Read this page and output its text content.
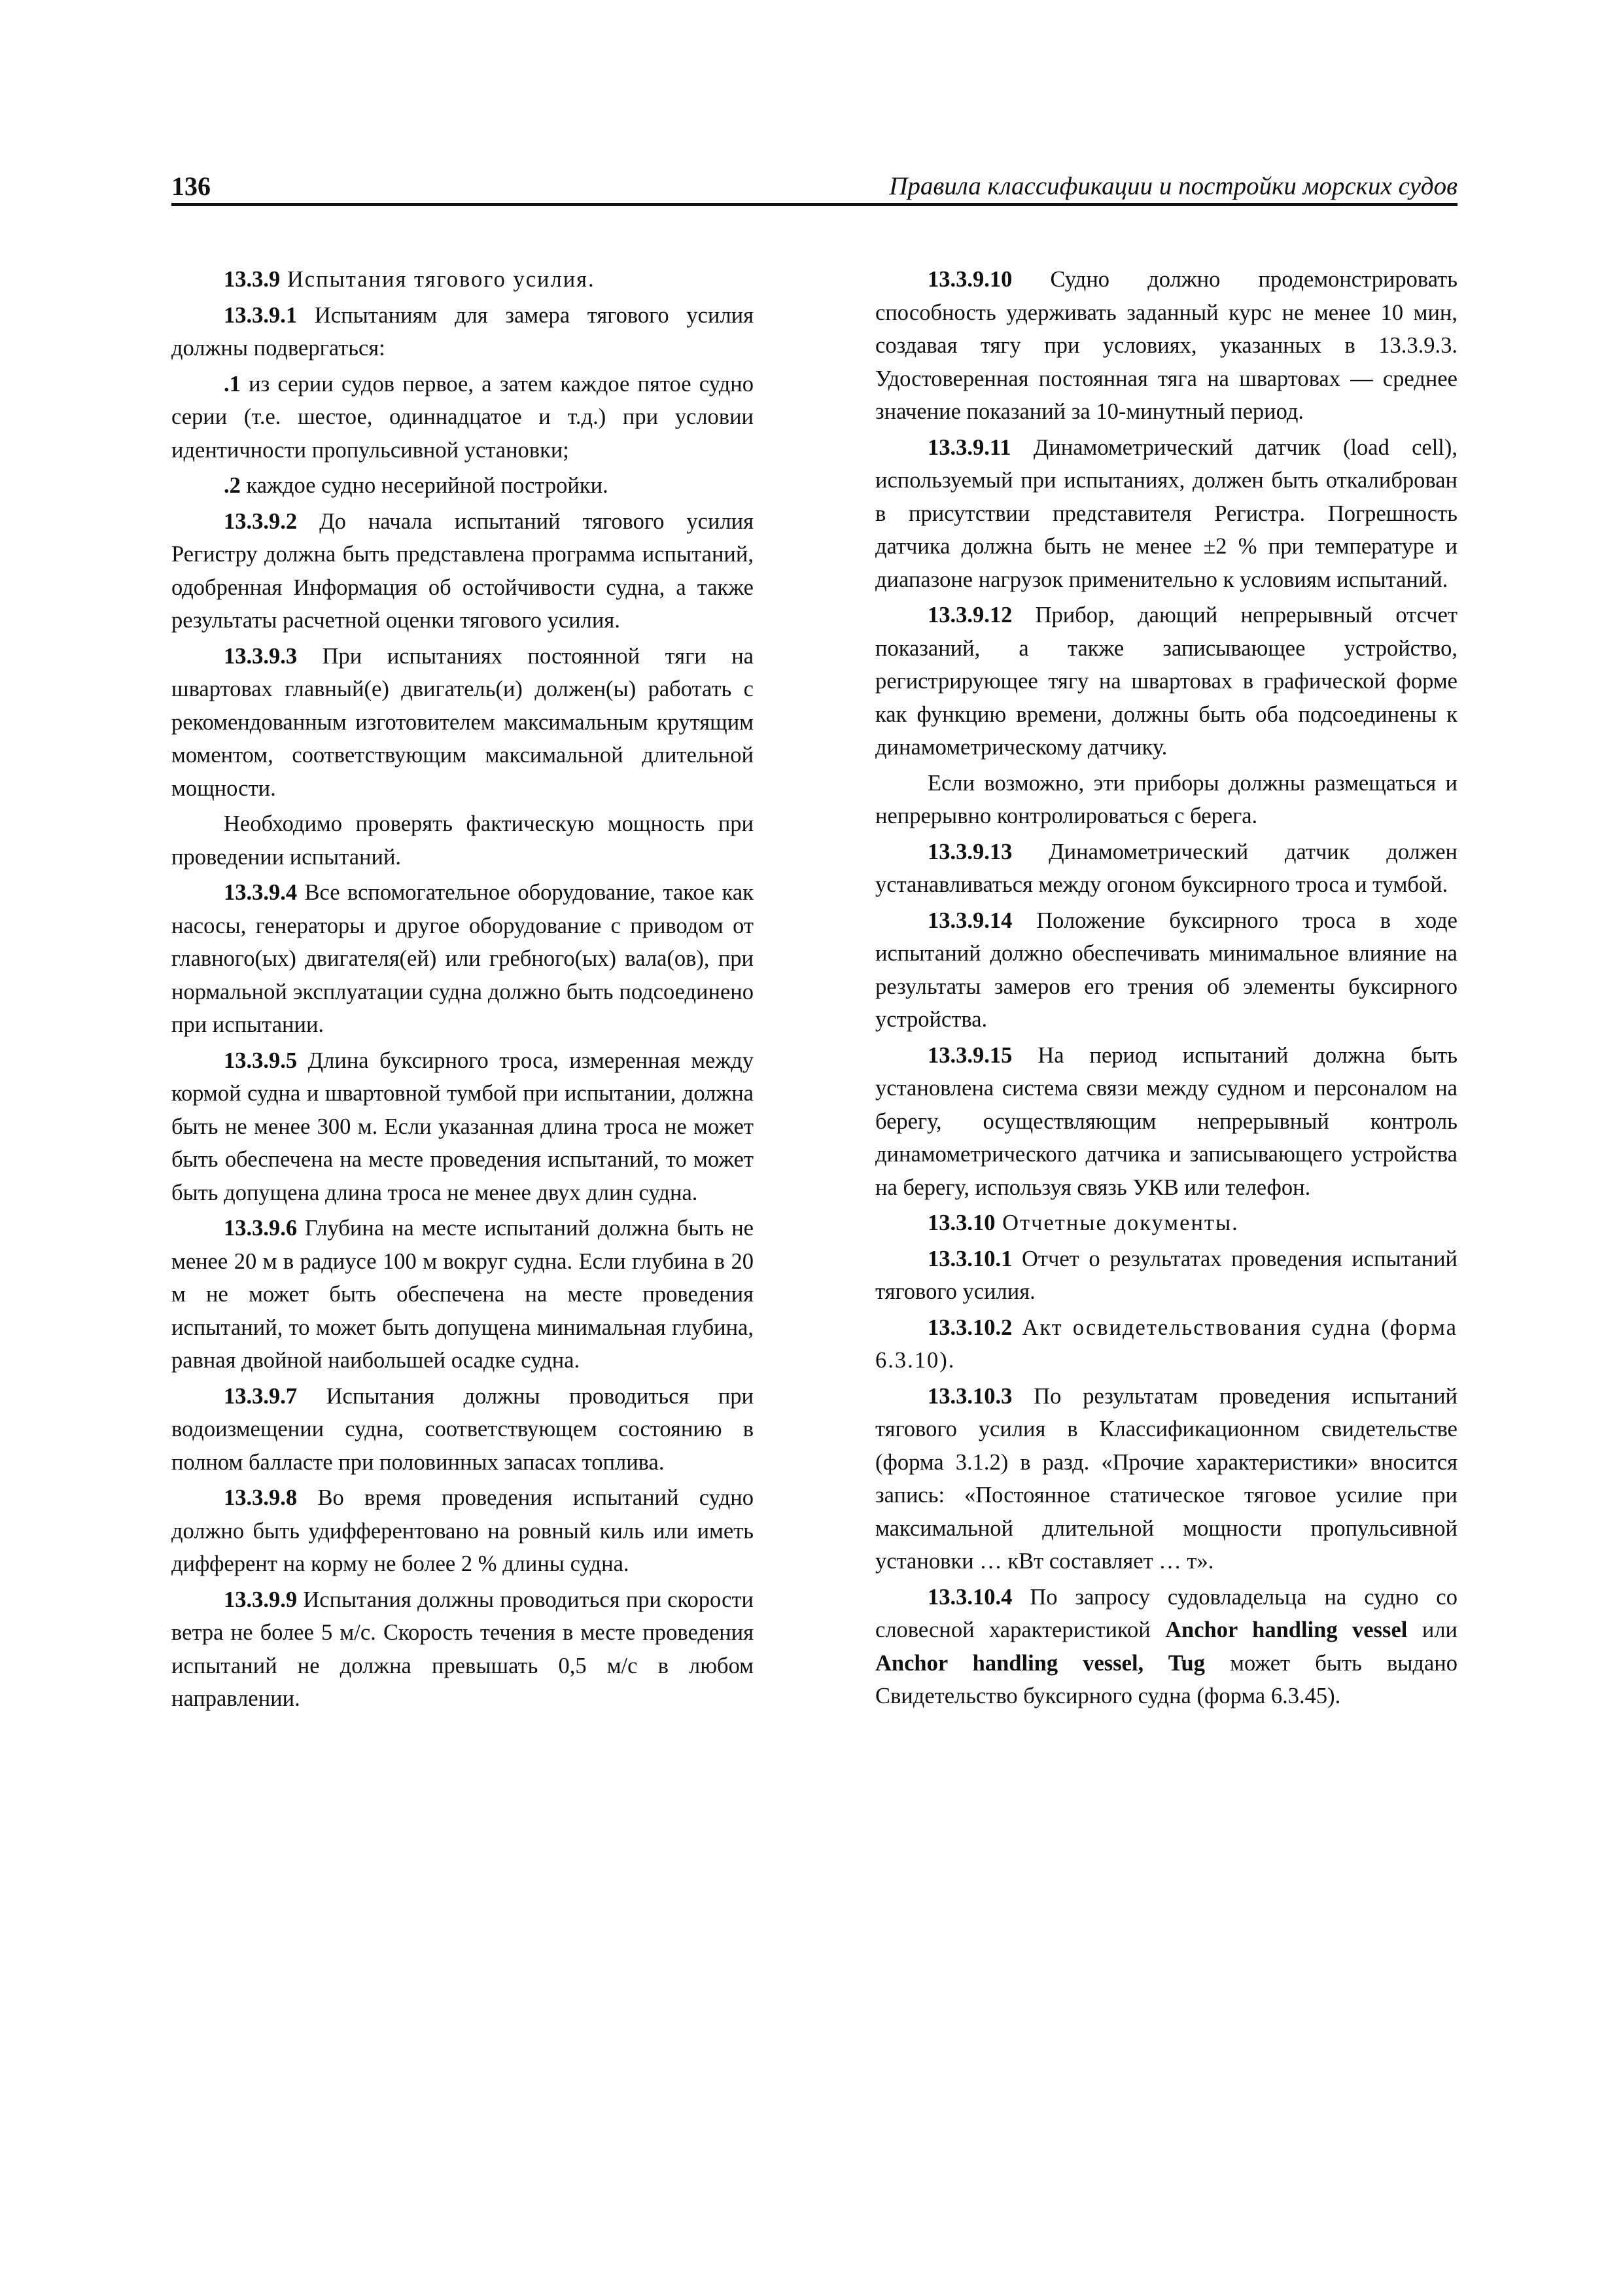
136	Правила классификации и постройки морских судов

13.3.9 Испытания тягового усилия.

13.3.9.1 Испытаниям для замера тягового усилия должны подвергаться:

.1 из серии судов первое, а затем каждое пятое судно серии (т.е. шестое, одиннадцатое и т.д.) при условии идентичности пропульсивной установки;

.2 каждое судно несерийной постройки.

13.3.9.2 До начала испытаний тягового усилия Регистру должна быть представлена программа испытаний, одобренная Информация об остойчивости судна, а также результаты расчетной оценки тягового усилия.

13.3.9.3 При испытаниях постоянной тяги на швартовах главный(е) двигатель(и) должен(ы) работать с рекомендованным изготовителем максимальным крутящим моментом, соответствующим максимальной длительной мощности.

Необходимо проверять фактическую мощность при проведении испытаний.

13.3.9.4 Все вспомогательное оборудование, такое как насосы, генераторы и другое оборудование с приводом от главного(ых) двигателя(ей) или гребного(ых) вала(ов), при нормальной эксплуатации судна должно быть подсоединено при испытании.

13.3.9.5 Длина буксирного троса, измеренная между кормой судна и швартовной тумбой при испытании, должна быть не менее 300 м. Если указанная длина троса не может быть обеспечена на месте проведения испытаний, то может быть допущена длина троса не менее двух длин судна.

13.3.9.6 Глубина на месте испытаний должна быть не менее 20 м в радиусе 100 м вокруг судна. Если глубина в 20 м не может быть обеспечена на месте проведения испытаний, то может быть допущена минимальная глубина, равная двойной наибольшей осадке судна.

13.3.9.7 Испытания должны проводиться при водоизмещении судна, соответствующем состоянию в полном балласте при половинных запасах топлива.

13.3.9.8 Во время проведения испытаний судно должно быть удифферентовано на ровный киль или иметь дифферент на корму не более 2 % длины судна.

13.3.9.9 Испытания должны проводиться при скорости ветра не более 5 м/с. Скорость течения в месте проведения испытаний не должна превышать 0,5 м/с в любом направлении.

13.3.9.10 Судно должно продемонстрировать способность удерживать заданный курс не менее 10 мин, создавая тягу при условиях, указанных в 13.3.9.3. Удостоверенная постоянная тяга на швартовах — среднее значение показаний за 10-минутный период.

13.3.9.11 Динамометрический датчик (load cell), используемый при испытаниях, должен быть откалиброван в присутствии представителя Регистра. Погрешность датчика должна быть не менее ±2 % при температуре и диапазоне нагрузок применительно к условиям испытаний.

13.3.9.12 Прибор, дающий непрерывный отсчет показаний, а также записывающее устройство, регистрирующее тягу на швартовах в графической форме как функцию времени, должны быть оба подсоединены к динамометрическому датчику.

Если возможно, эти приборы должны размещаться и непрерывно контролироваться с берега.

13.3.9.13 Динамометрический датчик должен устанавливаться между огоном буксирного троса и тумбой.

13.3.9.14 Положение буксирного троса в ходе испытаний должно обеспечивать минимальное влияние на результаты замеров его трения об элементы буксирного устройства.

13.3.9.15 На период испытаний должна быть установлена система связи между судном и персоналом на берегу, осуществляющим непрерывный контроль динамометрического датчика и записывающего устройства на берегу, используя связь УКВ или телефон.

13.3.10 Отчетные документы.

13.3.10.1 Отчет о результатах проведения испытаний тягового усилия.

13.3.10.2 Акт освидетельствования судна (форма 6.3.10).

13.3.10.3 По результатам проведения испытаний тягового усилия в Классификационном свидетельстве (форма 3.1.2) в разд. «Прочие характеристики» вносится запись: «Постоянное статическое тяговое усилие при максимальной длительной мощности пропульсивной установки … кВт составляет … т».

13.3.10.4 По запросу судовладельца на судно со словесной характеристикой Anchor handling vessel или Anchor handling vessel, Tug может быть выдано Свидетельство буксирного судна (форма 6.3.45).
